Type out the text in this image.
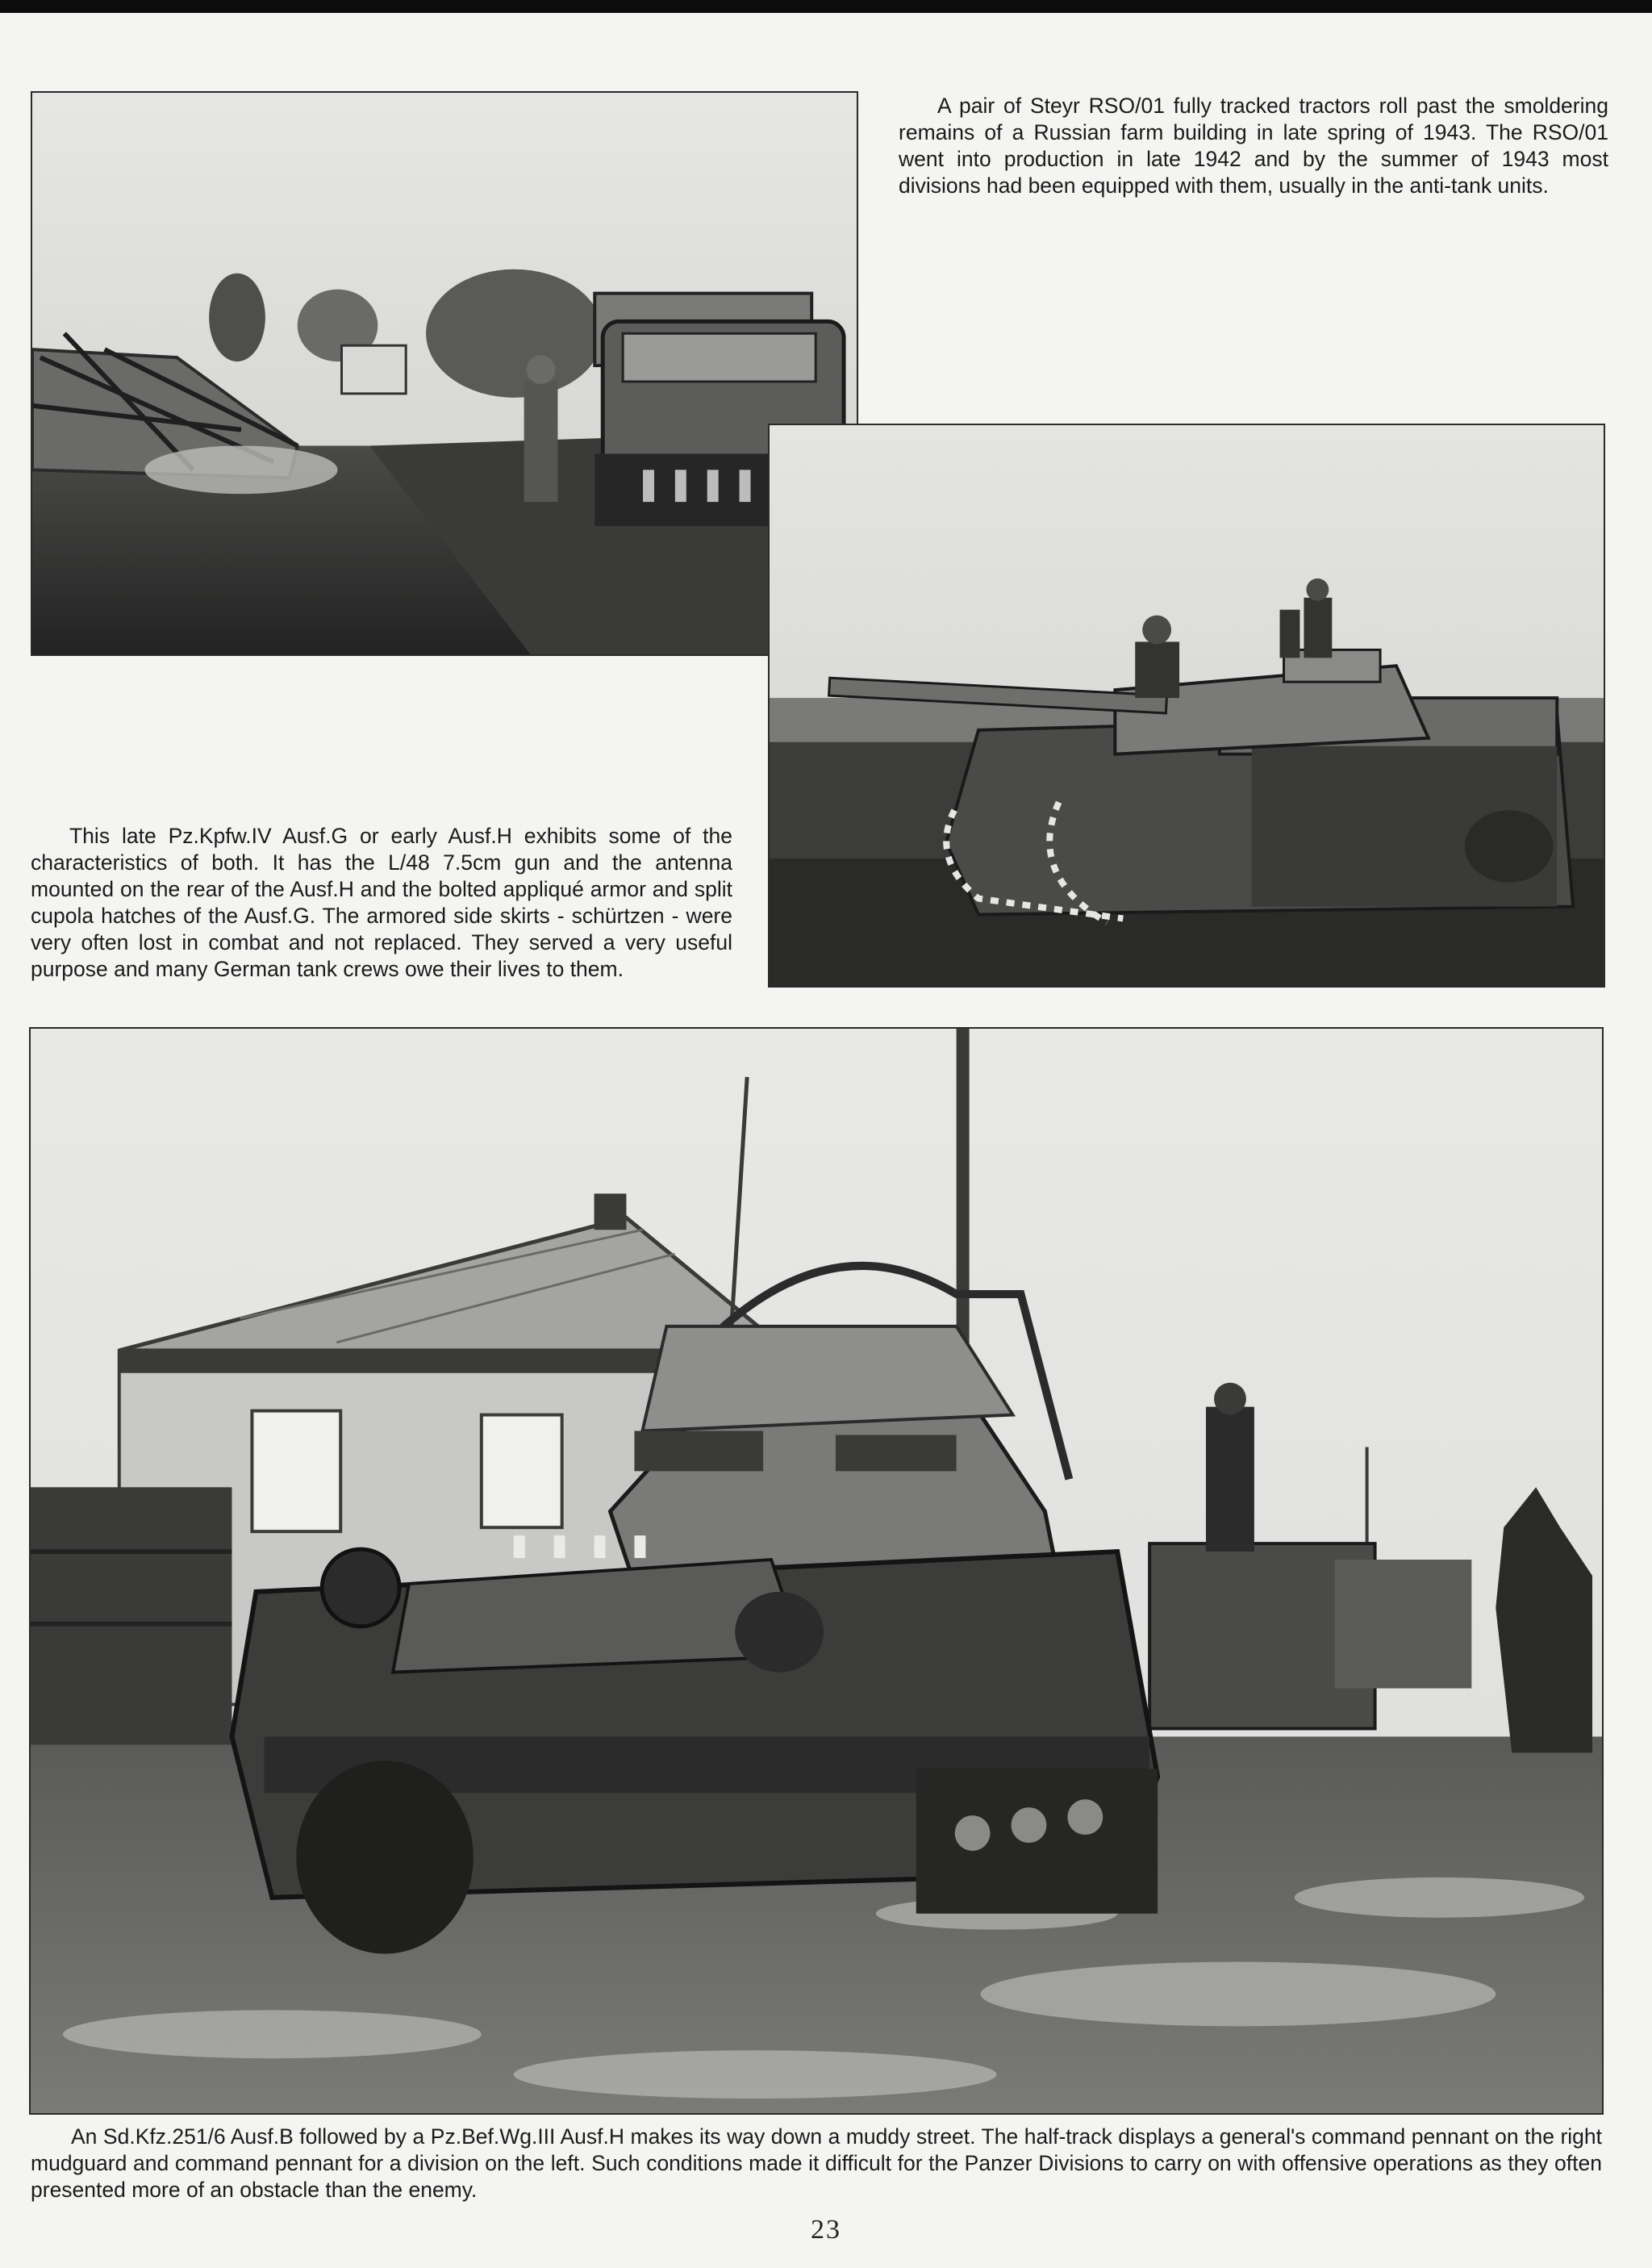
A pair of Steyr RSO/01 fully tracked tractors roll past the smoldering remains of a Russian farm building in late spring of 1943. The RSO/01 went into production in late 1942 and by the summer of 1943 most divisions had been equipped with them, usually in the anti-tank units.

This late Pz.Kpfw.IV Ausf.G or early Ausf.H exhibits some of the characteristics of both. It has the L/48 7.5cm gun and the antenna mounted on the rear of the Ausf.H and the bolted appliqué armor and split cupola hatches of the Ausf.G. The armored side skirts - schürtzen - were very often lost in combat and not replaced. They served a very useful purpose and many German tank crews owe their lives to them.

An Sd.Kfz.251/6 Ausf.B followed by a Pz.Bef.Wg.III Ausf.H makes its way down a muddy street. The half-track displays a general's command pennant on the right mudguard and command pennant for a division on the left. Such conditions made it difficult for the Panzer Divisions to carry on with offensive operations as they often presented more of an obstacle than the enemy.

23
